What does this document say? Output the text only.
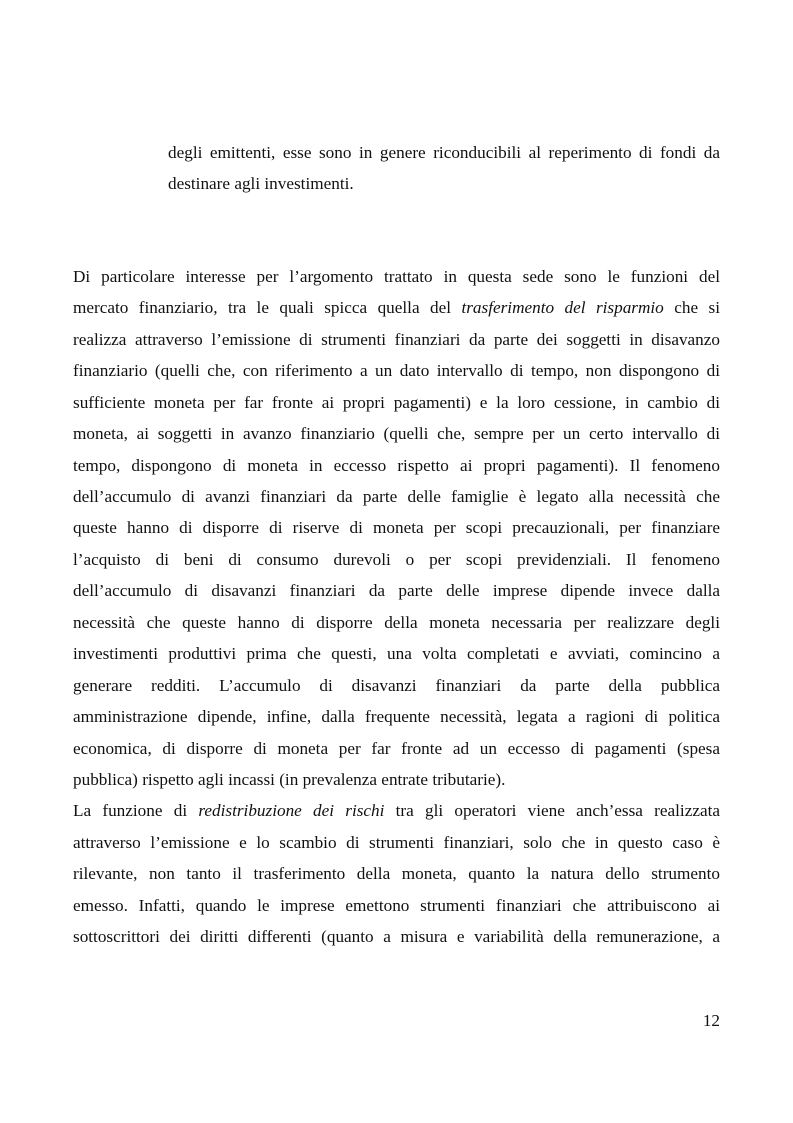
degli emittenti, esse sono in genere riconducibili al reperimento di fondi da
destinare agli investimenti.
Di particolare interesse per l’argomento trattato in questa sede sono le funzioni del
mercato finanziario, tra le quali spicca quella del trasferimento del risparmio che si
realizza attraverso l’emissione di strumenti finanziari da parte dei soggetti in disavanzo
finanziario (quelli che, con riferimento a un dato intervallo di tempo, non dispongono di
sufficiente moneta per far fronte ai propri pagamenti) e la loro cessione, in cambio di
moneta, ai soggetti in avanzo finanziario (quelli che, sempre per un certo intervallo di
tempo, dispongono di moneta in eccesso rispetto ai propri pagamenti). Il fenomeno
dell’accumulo di avanzi finanziari da parte delle famiglie è legato alla necessità che
queste hanno di disporre di riserve di moneta per scopi precauzionali, per finanziare
l’acquisto di beni di consumo durevoli o per scopi previdenziali. Il fenomeno
dell’accumulo di disavanzi finanziari da parte delle imprese dipende invece dalla
necessità che queste hanno di disporre della moneta necessaria per realizzare degli
investimenti produttivi prima che questi, una volta completati e avviati, comincino a
generare redditi. L’accumulo di disavanzi finanziari da parte della pubblica
amministrazione dipende, infine, dalla frequente necessità, legata a ragioni di politica
economica, di disporre di moneta per far fronte ad un eccesso di pagamenti (spesa
pubblica) rispetto agli incassi (in prevalenza entrate tributarie).
La funzione di redistribuzione dei rischi tra gli operatori viene anch’essa realizzata
attraverso l’emissione e lo scambio di strumenti finanziari, solo che in questo caso è
rilevante, non tanto il trasferimento della moneta, quanto la natura dello strumento
emesso. Infatti, quando le imprese emettono strumenti finanziari che attribuiscono ai
sottoscrittori dei diritti differenti (quanto a misura e variabilità della remunerazione, a
12
